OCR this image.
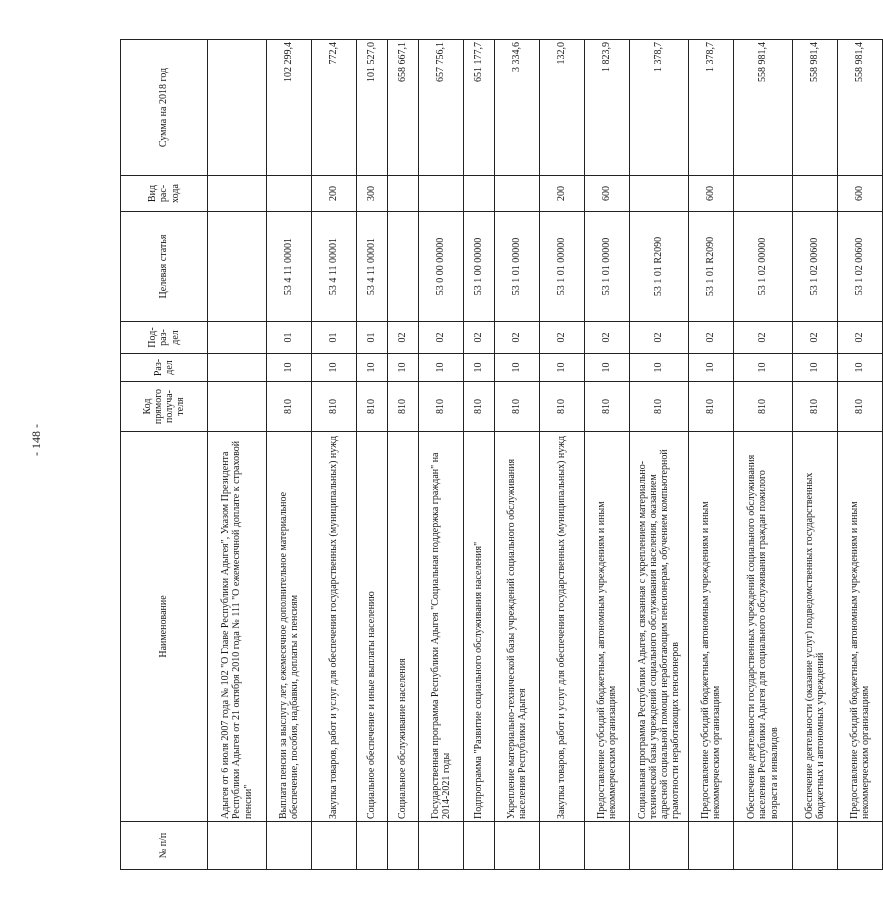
- 148 -
№ п/п	Наименование	Код прямого получа-теля	Раз-дел	Под-раз-дел	Целевая статья	Вид рас-хода	Сумма на 2018 год
	Адыгея от 6 июля 2007 года № 102 "О Главе Республики Адыгея", Указом Президента Республики Адыгея от 21 октября 2010 года № 111 "О ежемесячной доплате к страховой пенсии"						
	Выплата пенсии за выслугу лет, ежемесячное дополнительное материальное обеспечение, пособия, надбавки, доплаты к пенсиям	810	10	01	53 4 11 00001		102 299,4
	Закупка товаров, работ и услуг для обеспечения государственных (муниципальных) нужд	810	10	01	53 4 11 00001	200	772,4
	Социальное обеспечение и иные выплаты населению	810	10	01	53 4 11 00001	300	101 527,0
	Социальное обслуживание населения	810	10	02			658 667,1
	Государственная программа Республики Адыгея "Социальная поддержка граждан" на 2014-2021 годы	810	10	02	53 0 00 00000		657 756,1
	Подпрограмма "Развитие социального обслуживания населения"	810	10	02	53 1 00 00000		651 177,7
	Укрепление материально-технической базы учреждений социального обслуживания населения Республики Адыгея	810	10	02	53 1 01 00000		3 334,6
	Закупка товаров, работ и услуг для обеспечения государственных (муниципальных) нужд	810	10	02	53 1 01 00000	200	132,0
	Предоставление субсидий бюджетным, автономным учреждениям и иным некоммерческим организациям	810	10	02	53 1 01 00000	600	1 823,9
	Социальная программа Республики Адыгея, связанная с укреплением материально-технической базы учреждений социального обслуживания населения, оказанием адресной социальной помощи неработающим пенсионерам, обучением компьютерной грамотности неработающих пенсионеров	810	10	02	53 1 01 R2090		1 378,7
	Предоставление субсидий бюджетным, автономным учреждениям и иным некоммерческим организациям	810	10	02	53 1 01 R2090	600	1 378,7
	Обеспечение деятельности государственных учреждений социального обслуживания населения Республики Адыгея для социального обслуживания граждан пожилого возраста и инвалидов	810	10	02	53 1 02 00000		558 981,4
	Обеспечение деятельности (оказание услуг) подведомственных государственных бюджетных и автономных учреждений	810	10	02	53 1 02 00600		558 981,4
	Предоставление субсидий бюджетным, автономным учреждениям и иным некоммерческим организациям	810	10	02	53 1 02 00600	600	558 981,4
